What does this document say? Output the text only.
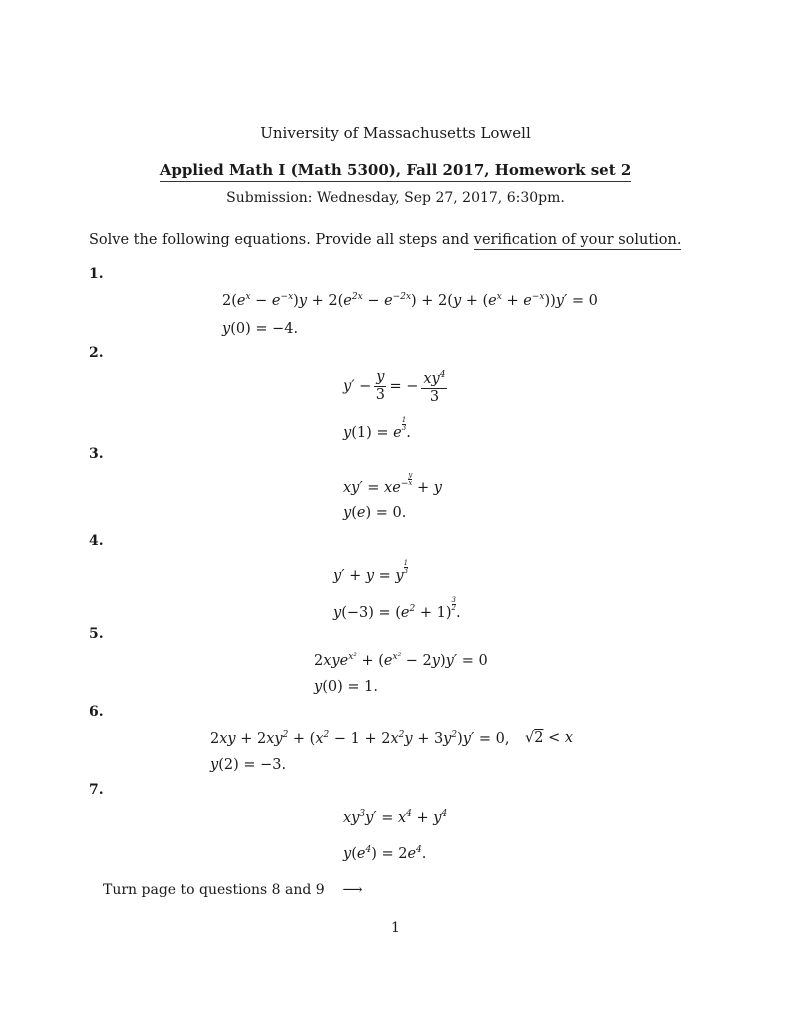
University of Massachusetts Lowell
Applied Math I (Math 5300), Fall 2017, Homework set 2
Submission: Wednesday, Sep 27, 2017, 6:30pm.
Solve the following equations. Provide all steps and verification of your solution.
1.
$2(e^x - e^{-x})y + 2(e^{2x} - e^{-2x}) + 2(y + (e^x + e^{-x}))y' = 0$
y(0) = −4.
2.
$y' - \frac{y}{3}$ = − $\frac{xy^4}{3}$
y(1) = e
$\frac{1}{3}$
.
3.
$xy' = xe^- \frac{y}{x}$
+ y
y(e) = 0.
4.
y′ + y = y
$\frac{1}{3}$
$y(-3) = (e^2 + 1)$
$\frac{3}{2}$
.
5.
$2xye^{x^2} + (e^{x^2} - 2y)y' = 0$
y(0) = 1.
6.
$2xy + 2xy^2 + (x^2 - 1 + 2x^2y + 3y^2)y' = 0$, √2 < x
y(2) = −3.
7.
$xy^3y' = x^4 + y^4$
$y(e^4) = 2e^4$.
Turn page to questions 8 and 9 ⟶
1
